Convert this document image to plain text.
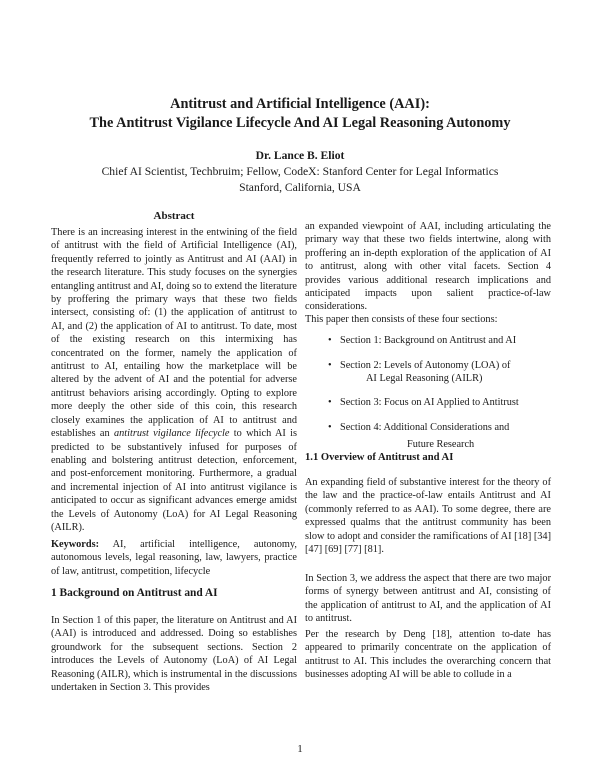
Antitrust and Artificial Intelligence (AAI):
The Antitrust Vigilance Lifecycle And AI Legal Reasoning Autonomy
Dr. Lance B. Eliot
Chief AI Scientist, Techbruim; Fellow, CodeX: Stanford Center for Legal Informatics
Stanford, California, USA
Abstract

There is an increasing interest in the entwining of the field of antitrust with the field of Artificial Intelligence (AI), frequently referred to jointly as Antitrust and AI (AAI) in the research literature. This study focuses on the synergies entangling antitrust and AI, doing so to extend the literature by proffering the primary ways that these two fields intersect, consisting of: (1) the application of antitrust to AI, and (2) the application of AI to antitrust. To date, most of the existing research on this intermixing has concentrated on the former, namely the application of antitrust to AI, entailing how the marketplace will be altered by the advent of AI and the potential for adverse antitrust behaviors arising accordingly. Opting to explore more deeply the other side of this coin, this research closely examines the application of AI to antitrust and establishes an antitrust vigilance lifecycle to which AI is predicted to be substantively infused for purposes of enabling and bolstering antitrust detection, enforcement, and post-enforcement monitoring. Furthermore, a gradual and incremental injection of AI into antitrust vigilance is anticipated to occur as significant advances emerge amidst the Levels of Autonomy (LoA) for AI Legal Reasoning (AILR).

Keywords: AI, artificial intelligence, autonomy, autonomous levels, legal reasoning, law, lawyers, practice of law, antitrust, competition, lifecycle

1 Background on Antitrust and AI

In Section 1 of this paper, the literature on Antitrust and AI (AAI) is introduced and addressed. Doing so establishes groundwork for the subsequent sections. Section 2 introduces the Levels of Autonomy (LoA) of AI Legal Reasoning (AILR), which is instrumental in the discussions undertaken in Section 3. This provides

an expanded viewpoint of AAI, including articulating the primary way that these two fields intertwine, along with proffering an in-depth exploration of the application of AI to antitrust, along with other vital facets. Section 4 provides various additional research implications and anticipated impacts upon salient practice-of-law considerations.

This paper then consists of these four sections:

• Section 1: Background on Antitrust and AI
• Section 2: Levels of Autonomy (LOA) of
AI Legal Reasoning (AILR)
• Section 3: Focus on AI Applied to Antitrust
• Section 4: Additional Considerations and
Future Research
1.1 Overview of Antitrust and AI

An expanding field of substantive interest for the theory of the law and the practice-of-law entails Antitrust and AI (commonly referred to as AAI). To some degree, there are expressed qualms that the antitrust community has been slow to adopt and consider the ramifications of AI [18] [34] [47] [69] [77] [81].

In Section 3, we address the aspect that there are two major forms of synergy between antitrust and AI, consisting of the application of antitrust to AI, and the application of AI to antitrust.

Per the research by Deng [18], attention to-date has appeared to primarily concentrate on the application of antitrust to AI. This includes the overarching concern that businesses adopting AI will be able to collude in a

1
